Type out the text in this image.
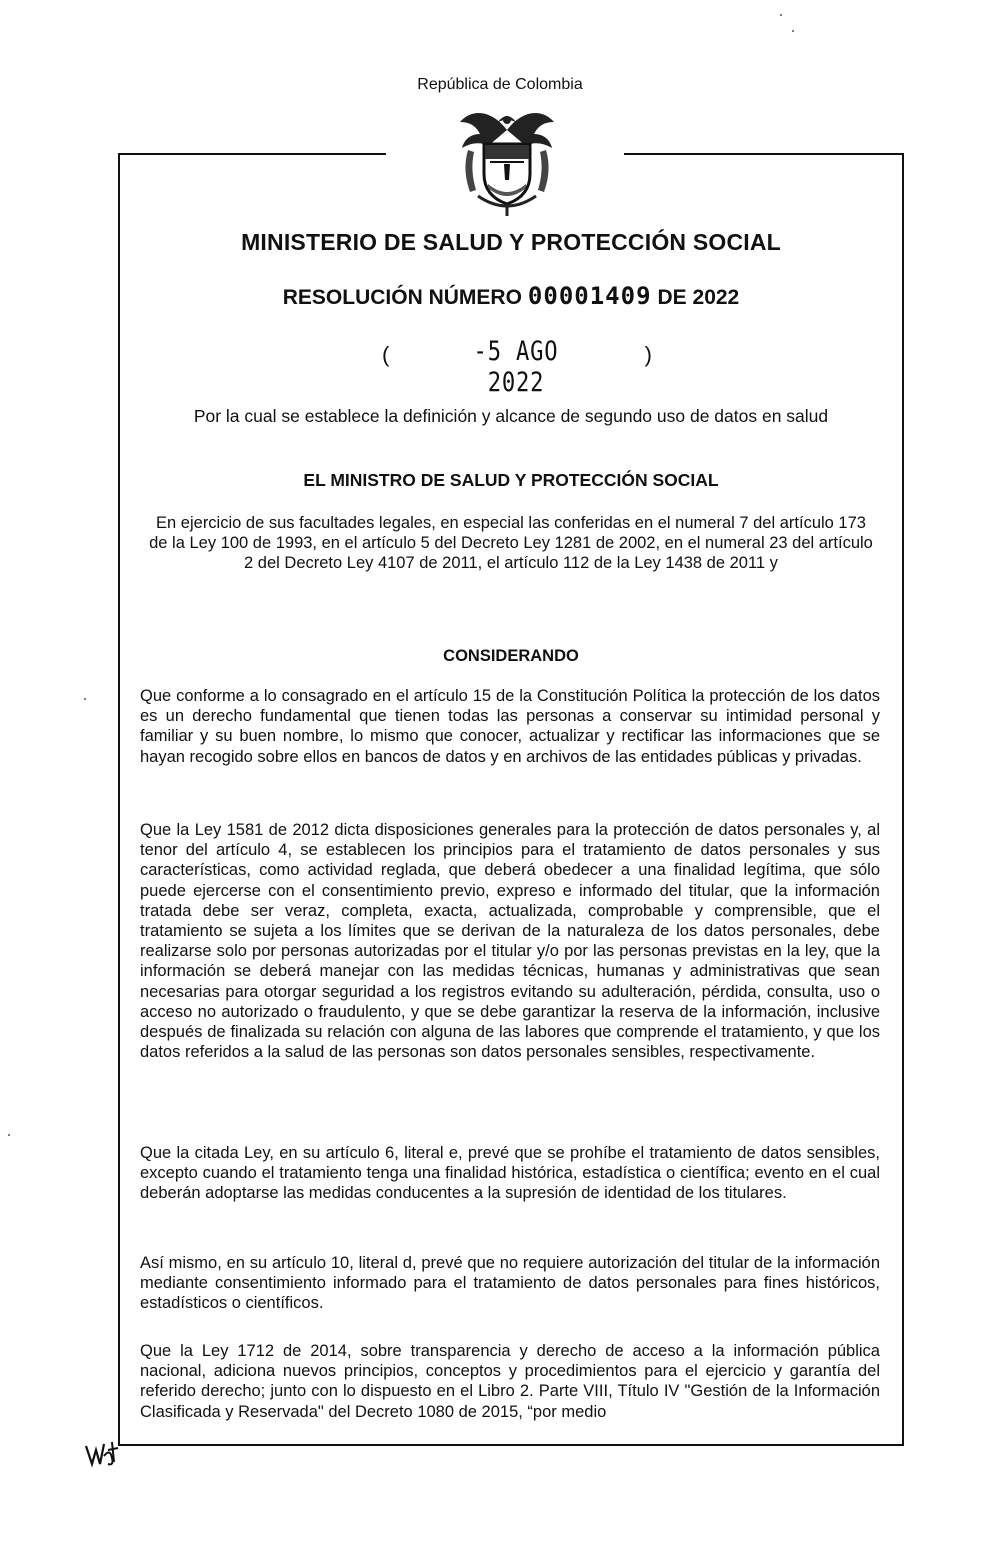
República de Colombia
MINISTERIO DE SALUD Y PROTECCIÓN SOCIAL
RESOLUCIÓN NÚMERO 00001409 DE 2022
(	-5 AGO 2022
)
Por la cual se establece la definición y alcance de segundo uso de datos en salud
EL MINISTRO DE SALUD Y PROTECCIÓN SOCIAL
En ejercicio de sus facultades legales, en especial las conferidas en el numeral 7 del artículo 173 de la Ley 100 de 1993, en el artículo 5 del Decreto Ley 1281 de 2002, en el numeral 23 del artículo 2 del Decreto Ley 4107 de 2011, el artículo 112 de la Ley 1438 de 2011 y
CONSIDERANDO
Que conforme a lo consagrado en el artículo 15 de la Constitución Política la protección de los datos es un derecho fundamental que tienen todas las personas a conservar su intimidad personal y familiar y su buen nombre, lo mismo que conocer, actualizar y rectificar las informaciones que se hayan recogido sobre ellos en bancos de datos y en archivos de las entidades públicas y privadas.
Que la Ley 1581 de 2012 dicta disposiciones generales para la protección de datos personales y, al tenor del artículo 4, se establecen los principios para el tratamiento de datos personales y sus características, como actividad reglada, que deberá obedecer a una finalidad legítima, que sólo puede ejercerse con el consentimiento previo, expreso e informado del titular, que la información tratada debe ser veraz, completa, exacta, actualizada, comprobable y comprensible, que el tratamiento se sujeta a los límites que se derivan de la naturaleza de los datos personales, debe realizarse solo por personas autorizadas por el titular y/o por las personas previstas en la ley, que la información se deberá manejar con las medidas técnicas, humanas y administrativas que sean necesarias para otorgar seguridad a los registros evitando su adulteración, pérdida, consulta, uso o acceso no autorizado o fraudulento, y que se debe garantizar la reserva de la información, inclusive después de finalizada su relación con alguna de las labores que comprende el tratamiento, y que los datos referidos a la salud de las personas son datos personales sensibles, respectivamente.
Que la citada Ley, en su artículo 6, literal e, prevé que se prohíbe el tratamiento de datos sensibles, excepto cuando el tratamiento tenga una finalidad histórica, estadística o científica; evento en el cual deberán adoptarse las medidas conducentes a la supresión de identidad de los titulares.
Así mismo, en su artículo 10, literal d, prevé que no requiere autorización del titular de la información mediante consentimiento informado para el tratamiento de datos personales para fines históricos, estadísticos o científicos.
Que la Ley 1712 de 2014, sobre transparencia y derecho de acceso a la información pública nacional, adiciona nuevos principios, conceptos y procedimientos para el ejercicio y garantía del referido derecho; junto con lo dispuesto en el Libro 2. Parte VIII, Título IV "Gestión de la Información Clasificada y Reservada" del Decreto 1080 de 2015, “por medio
